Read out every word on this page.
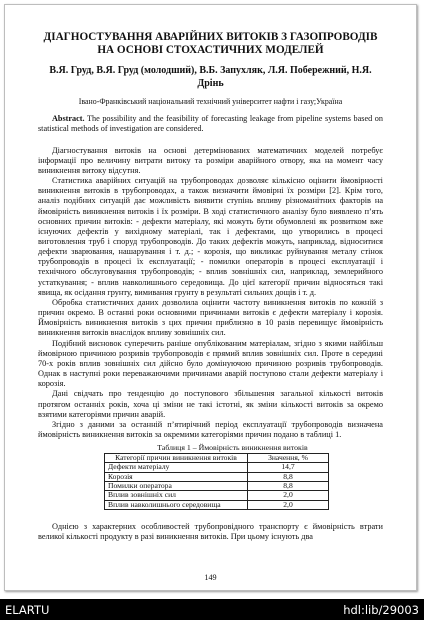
ДІАГНОСТУВАННЯ АВАРІЙНИХ ВИТОКІВ З ГАЗОПРОВОДІВ НА ОСНОВІ СТОХАСТИЧНИХ МОДЕЛЕЙ
В.Я. Груд, В.Я. Груд (молодший), В.Б. Запухляк, Л.Я. Побережний, Н.Я. Дрінь
Івано-Франківський національний технічний університет нафти і газу;Україна
Abstract. The possibility and the feasibility of forecasting leakage from pipeline systems based on statistical methods of investigation are considered.

Діагностування витоків на основі детермінованих математичних моделей потребує інформації про величину витрати витоку та розміри аварійного отвору, яка на момент часу виникнення витоку відсутня.

Статистика аварійних ситуацій на трубопроводах дозволяє кількісно оцінити ймовірності виникнення витоків в трубопроводах, а також визначити ймовірні їх розміри [2]. Крім того, аналіз подібних ситуацій дає можливість виявити ступінь впливу різноманітних факторів на ймовірність виникнення витоків і їх розміри. В ході статистичного аналізу було виявлено п’ять основних причин витоків: - дефекти матеріалу, які можуть бути обумовлені як розвитком вже існуючих дефектів у вихідному матеріалі, так і дефектами, що утворились в процесі виготовлення труб і споруд трубопроводів. До таких дефектів можуть, наприклад, відноситися дефекти зварювання, нашарування і т. д.; - корозія, що викликає руйнування металу стінок трубопроводів в процесі їх експлуатації; - помилки операторів в процесі експлуатації і технічного обслуговування трубопроводів; - вплив зовнішніх сил, наприклад, землерийного устаткування; - вплив навколишнього середовища. До цієї категорії причин відносяться такі явища, як осідання грунту, вимивання грунту в результаті сильних дощів і т. д.

Обробка статистичних даних дозволила оцінити частоту виникнення витоків по кожній з причин окремо. В останні роки основними причинами витоків є дефекти матеріалу і корозія. Ймовірність виникнення витоків з цих причин приблизно в 10 разів перевищує ймовірність виникнення витоків внаслідок впливу зовнішніх сил.

Подібний висновок суперечить раніше опублікованим матеріалам, згідно з якими найбільш ймовірною причиною розривів трубопроводів є прямий вплив зовнішніх сил. Проте в середині 70-х років вплив зовнішніх сил дійсно було домінуючою причиною розривів трубопроводів. Однак в наступні роки переважаючими причинами аварій поступово стали дефекти матеріалу і корозія.

Дані свідчать про тенденцію до поступового збільшення загальної кількості витоків протягом останніх років, хоча ці зміни не такі істотні, як зміни кількості витоків за окремо взятими категоріями причин аварій.

Згідно з даними за останній п’ятирічний період експлуатації трубопроводів визначена ймовірність виникнення витоків за окремими категоріями причин подано в таблиці 1.

Таблиця 1 – Ймовірність виникнення витоків
Категорії причин виникнення витоків	Значення, %
Дефекти матеріалу	14,7
Корозія	8,8
Помилки оператора	8,8
Вплив зовнішніх сил	2,0
Вплив навколишнього середовища	2,0

Однією з характерних особливостей трубопровідного транспорту є ймовірність втрати великої кількості продукту в разі виникнення витоків. При цьому існують два

149
ELARTU	hdl:lib/29003
